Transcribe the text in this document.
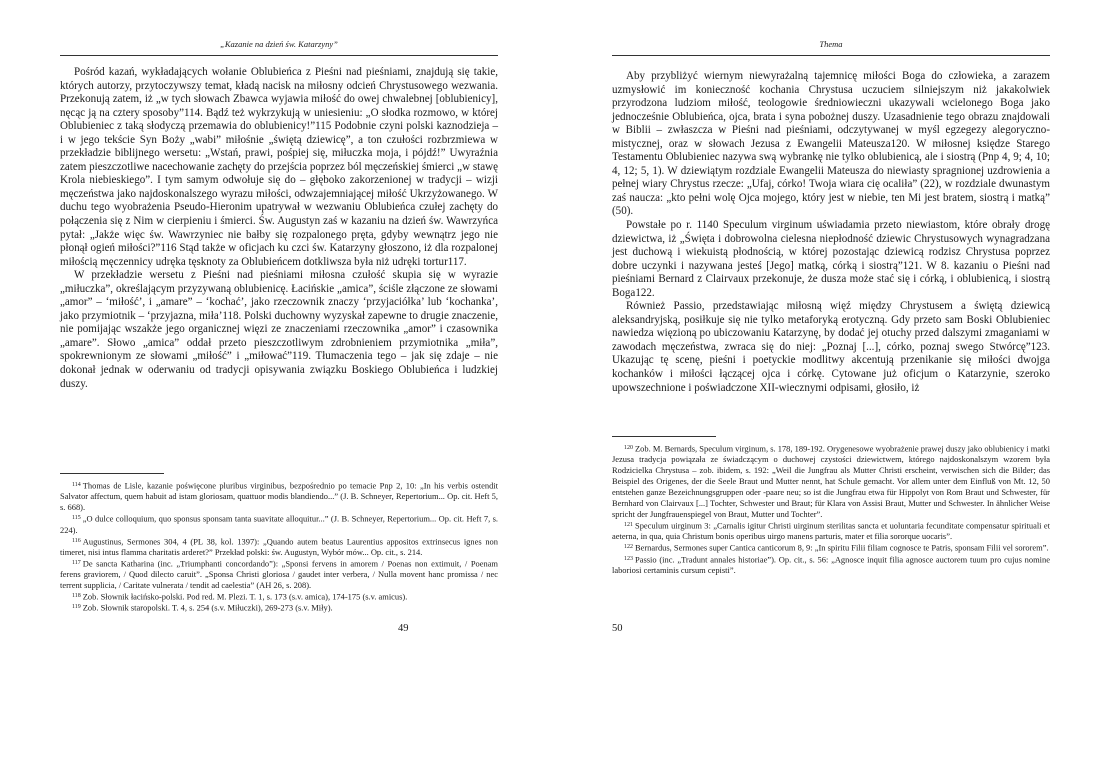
„Kazanie na dzień św. Katarzyny”

Pośród kazań, wykładających wołanie Oblubieńca z Pieśni nad pieśniami, znajdują się takie, których autorzy, przytoczywszy temat, kładą nacisk na miłosny odcień Chrystusowego wezwania. Przekonują zatem, iż „w tych słowach Zbawca wyjawia miłość do owej chwalebnej [oblubienicy], nęcąc ją na cztery sposoby”114. Bądź też wykrzykują w uniesieniu: „O słodka rozmowo, w której Oblubieniec z taką słodyczą przemawia do oblubienicy!”115 Podobnie czyni polski kaznodzieja – i w jego tekście Syn Boży „wabi” miłośnie „świętą dziewicę”, a ton czułości rozbrzmiewa w przekładzie biblijnego wersetu: „Wstań, prawi, pośpiej się, miłuczka moja, i pójdź!” Uwyraźnia zatem pieszczotliwe nacechowanie zachęty do przejścia poprzez ból męczeńskiej śmierci „w stawę Krola niebieskiego”. I tym samym odwołuje się do – głęboko zakorzenionej w tradycji – wizji męczeństwa jako najdoskonalszego wyrazu miłości, odwzajemniającej miłość Ukrzyżowanego. W duchu tego wyobrażenia Pseudo-Hieronim upatrywał w wezwaniu Oblubieńca czułej zachęty do połączenia się z Nim w cierpieniu i śmierci. Św. Augustyn zaś w kazaniu na dzień św. Wawrzyńca pytał: „Jakże więc św. Wawrzyniec nie bałby się rozpalonego pręta, gdyby wewnątrz jego nie płonął ogień miłości?”116 Stąd także w oficjach ku czci św. Katarzyny głoszono, iż dla rozpalonej miłością męczennicy udręka tęsknoty za Oblubieńcem dotkliwsza była niż udręki tortur117.

W przekładzie wersetu z Pieśni nad pieśniami miłosna czułość skupia się w wyrazie „miłuczka”, określającym przyzywaną oblubienicę. Łacińskie „amica”, ściśle złączone ze słowami „amor” – ‘miłość’, i „amare” – ‘kochać’, jako rzeczownik znaczy ‘przyjaciółka’ lub ‘kochanka’, jako przymiotnik – ‘przyjazna, miła’118. Polski duchowny wyzyskał zapewne to drugie znaczenie, nie pomijając wszakże jego organicznej więzi ze znaczeniami rzeczownika „amor” i czasownika „amare”. Słowo „amica” oddał przeto pieszczotliwym zdrobnieniem przymiotnika „miła”, spokrewnionym ze słowami „miłość” i „miłować”119. Tłumaczenia tego – jak się zdaje – nie dokonał jednak w oderwaniu od tradycji opisywania związku Boskiego Oblubieńca i ludzkiej duszy.

$^{114}$ Thomas de Lisle, kazanie poświęcone pluribus virginibus, bezpośrednio po temacie Pnp 2, 10: „In his verbis ostendit Salvator affectum, quem habuit ad istam gloriosam, quattuor modis blandiendo...” (J. B. Schneyer, Repertorium... Op. cit. Heft 5, s. 668).

$^{115}$ „O dulce colloquium, quo sponsus sponsam tanta suavitate alloquitur...” (J. B. Schneyer, Repertorium... Op. cit. Heft 7, s. 224).

$^{116}$ Augustinus, Sermones 304, 4 (PL 38, kol. 1397): „Quando autem beatus Laurentius appositos extrinsecus ignes non timeret, nisi intus flamma charitatis arderet?” Przekład polski: św. Augustyn, Wybór mów... Op. cit., s. 214.

$^{117}$ De sancta Katharina (inc. „Triumphanti concordando”): „Sponsi fervens in amorem / Poenas non extimuit, / Poenam ferens graviorem, / Quod dilecto caruit”. „Sponsa Christi gloriosa / gaudet inter verbera, / Nulla movent hanc promissa / nec terrent supplicia, / Caritate vulnerata / tendit ad caelestia” (AH 26, s. 208).

$^{118}$ Zob. Słownik łacińsko-polski. Pod red. M. Plezi. T. 1, s. 173 (s.v. amica), 174-175 (s.v. amicus).

$^{119}$ Zob. Słownik staropolski. T. 4, s. 254 (s.v. Miłuczki), 269-273 (s.v. Miły).

49
Thema

Aby przybliżyć wiernym niewyrażalną tajemnicę miłości Boga do człowieka, a zarazem uzmysłowić im konieczność kochania Chrystusa uczuciem silniejszym niż jakakolwiek przyrodzona ludziom miłość, teologowie średniowieczni ukazywali wcielonego Boga jako jednocześnie Oblubieńca, ojca, brata i syna pobożnej duszy. Uzasadnienie tego obrazu znajdowali w Biblii – zwłaszcza w Pieśni nad pieśniami, odczytywanej w myśl egzegezy alegoryczno-mistycznej, oraz w słowach Jezusa z Ewangelii Mateusza120. W miłosnej księdze Starego Testamentu Oblubieniec nazywa swą wybrankę nie tylko oblubienicą, ale i siostrą (Pnp 4, 9; 4, 10; 4, 12; 5, 1). W dziewiątym rozdziale Ewangelii Mateusza do niewiasty spragnionej uzdrowienia a pełnej wiary Chrystus rzecze: „Ufaj, córko! Twoja wiara cię ocaliła” (22), w rozdziale dwunastym zaś naucza: „kto pełni wolę Ojca mojego, który jest w niebie, ten Mi jest bratem, siostrą i matką” (50).

Powstałe po r. 1140 Speculum virginum uświadamia przeto niewiastom, które obrały drogę dziewictwa, iż „Święta i dobrowolna cielesna niepłodność dziewic Chrystusowych wynagradzana jest duchową i wiekuistą płodnością, w której pozostając dziewicą rodzisz Chrystusa poprzez dobre uczynki i nazywana jesteś [Jego] matką, córką i siostrą”121. W 8. kazaniu o Pieśni nad pieśniami Bernard z Clairvaux przekonuje, że dusza może stać się i córką, i oblubienicą, i siostrą Boga122.

Również Passio, przedstawiając miłosną więź między Chrystusem a świętą dziewicą aleksandryjską, posiłkuje się nie tylko metaforyką erotyczną. Gdy przeto sam Boski Oblubieniec nawiedza więzioną po ubiczowaniu Katarzynę, by dodać jej otuchy przed dalszymi zmaganiami w zawodach męczeństwa, zwraca się do niej: „Poznaj [...], córko, poznaj swego Stwórcę”123. Ukazując tę scenę, pieśni i poetyckie modlitwy akcentują przenikanie się miłości dwojga kochanków i miłości łączącej ojca i córkę. Cytowane już oficjum o Katarzynie, szeroko upowszechnione i poświadczone XII-wiecznymi odpisami, głosiło, iż

$^{120}$ Zob. M. Bernards, Speculum virginum, s. 178, 189-192. Orygenesowe wyobrażenie prawej duszy jako oblubienicy i matki Jezusa tradycja powiązała ze świadczącym o duchowej czystości dziewictwem, którego najdoskonalszym wzorem była Rodzicielka Chrystusa – zob. ibidem, s. 192: „Weil die Jungfrau als Mutter Christi erscheint, verwischen sich die Bilder; das Beispiel des Origenes, der die Seele Braut und Mutter nennt, hat Schule gemacht. Vor allem unter dem Einfluß von Mt. 12, 50 entstehen ganze Bezeichnungsgruppen oder -paare neu; so ist die Jungfrau etwa für Hippolyt von Rom Braut und Schwester, für Bernhard von Clairvaux [...] Tochter, Schwester und Braut; für Klara von Assisi Braut, Mutter und Schwester. In ähnlicher Weise spricht der Jungfrauenspiegel von Braut, Mutter und Tochter”.

$^{121}$ Speculum uirginum 3: „Carnalis igitur Christi uirginum sterilitas sancta et uoluntaria fecunditate compensatur spirituali et aeterna, in qua, quia Christum bonis operibus uirgo manens parturis, mater et filia sororque uocaris”.

$^{122}$ Bernardus, Sermones super Cantica canticorum 8, 9: „In spiritu Filii filiam cognosce te Patris, sponsam Filii vel sororem”.

$^{123}$ Passio (inc. „Tradunt annales historiae”). Op. cit., s. 56: „Agnosce inquit filia agnosce auctorem tuum pro cujus nomine laboriosi certaminis cursum cepisti”.

50
